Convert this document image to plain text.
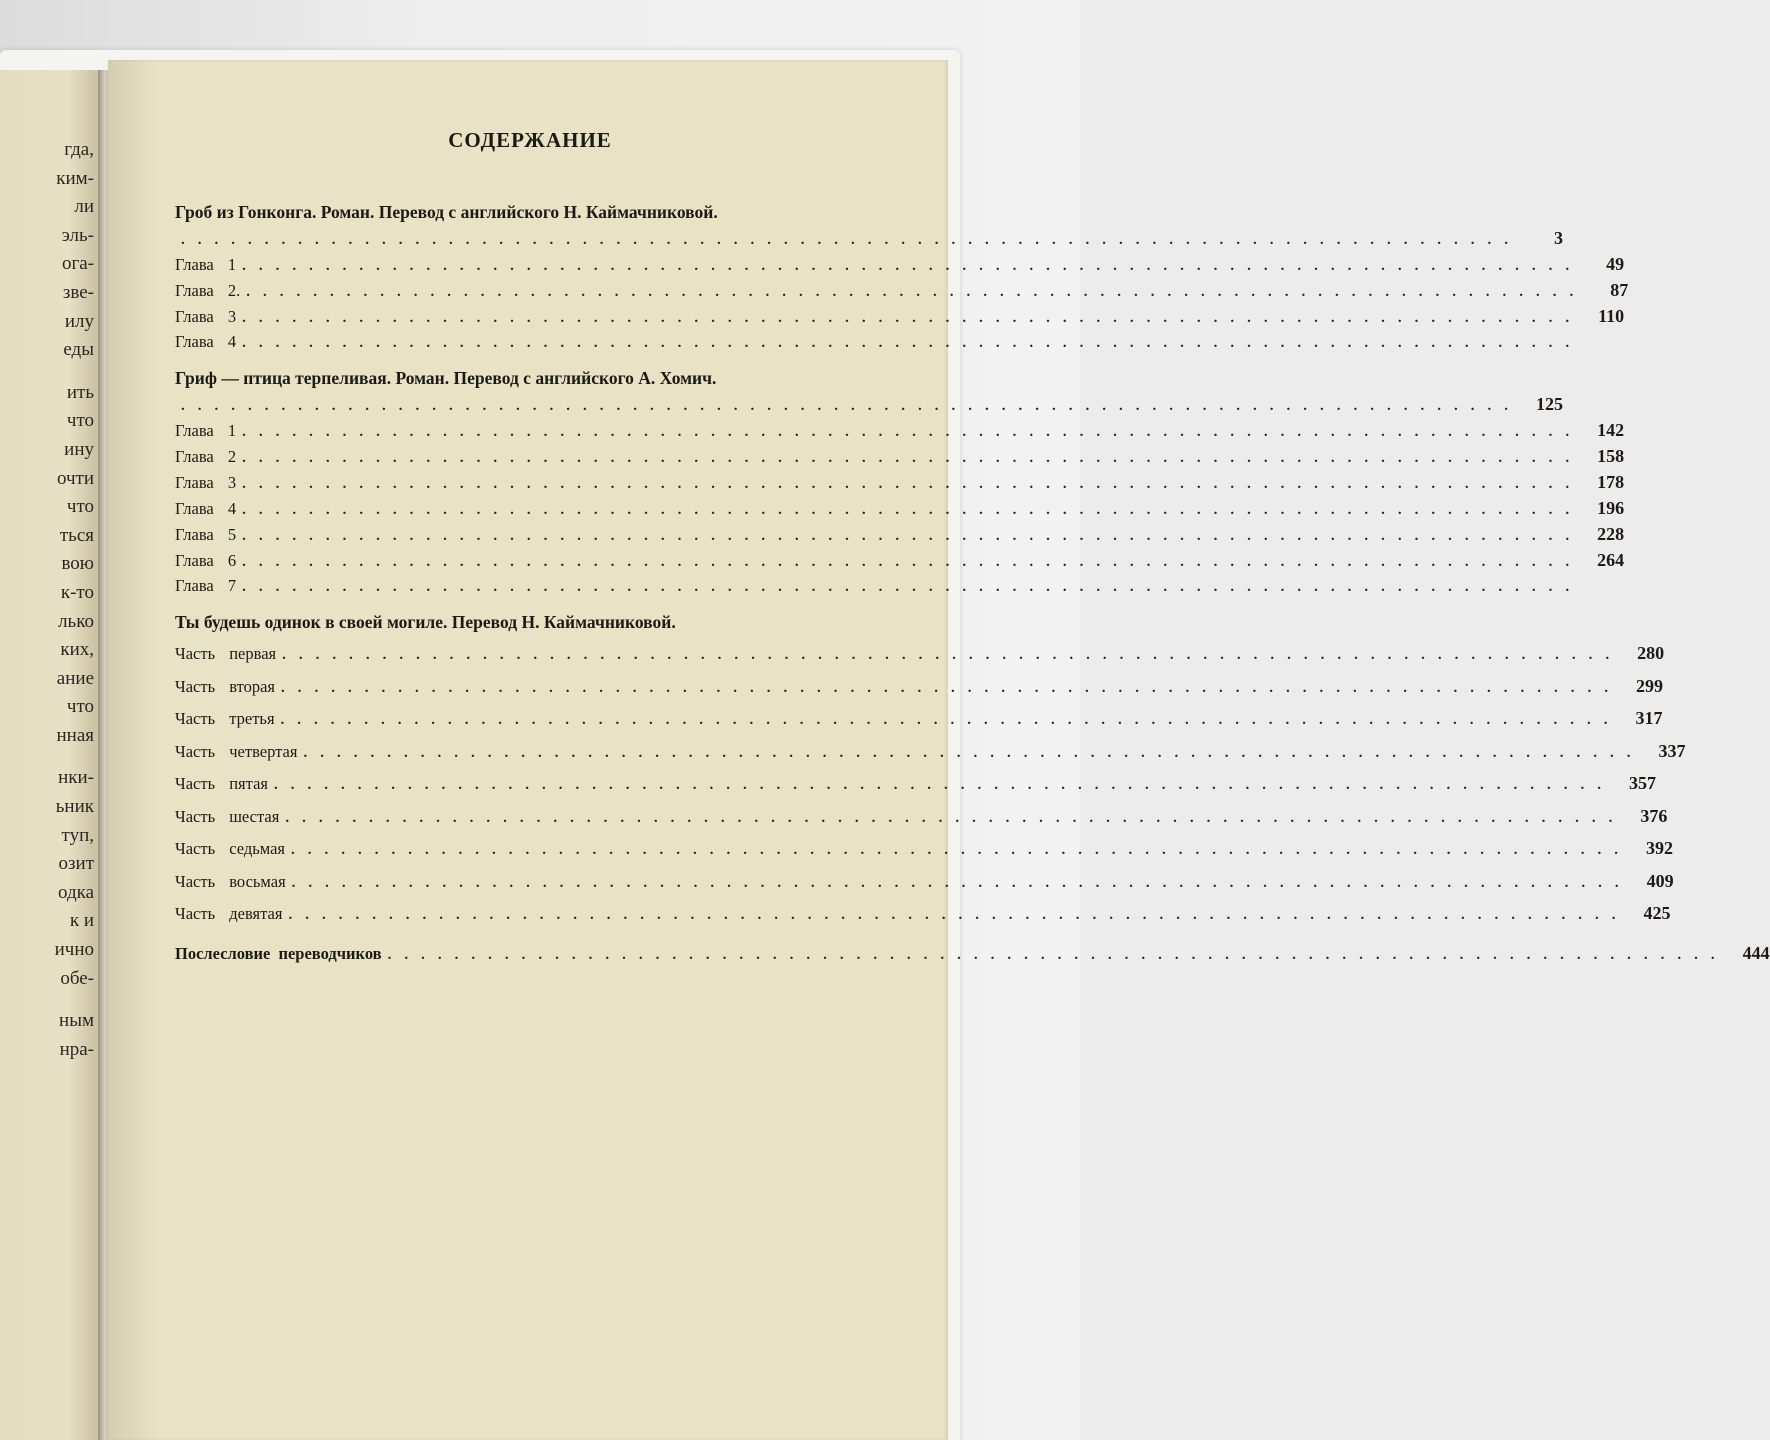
гда,
ким-
ли
эль-
ога-
зве-
илу
еды
ить
что
ину
очти
что
ться
вою
к-то
лько
ких,
ание
что
нная
нки-
ьник
туп,
озит
одка
к и
ично
обе-
ным
нра-
СОДЕРЖАНИЕ
Гроб из Гонконга. Роман. Перевод с английского Н. Каймачниковой.
................................................................................	3
Глава 1 ................................................................................	49
Глава 2. ................................................................................	87
Глава 3 ................................................................................ 110
Глава 4 ................................................................................
Гриф — птица терпеливая. Роман. Перевод с английского А. Хомич.
................................................................................ 125
Глава 1 ................................................................................ 142
Глава 2 ................................................................................ 158
Глава 3 ................................................................................ 178
Глава 4 ................................................................................ 196
Глава 5 ................................................................................ 228
Глава 6 ................................................................................ 264
Глава 7 ................................................................................
Ты будешь одинок в своей могиле. Перевод Н. Каймачниковой.
Часть первая ................................................................................ 280
Часть вторая ................................................................................ 299
Часть третья ................................................................................ 317
Часть четвертая ................................................................................ 337
Часть пятая ................................................................................ 357
Часть шестая ................................................................................ 376
Часть седьмая ................................................................................ 392
Часть восьмая ................................................................................ 409
Часть девятая ................................................................................ 425
Послесловие переводчиков ................................................................................ 444
